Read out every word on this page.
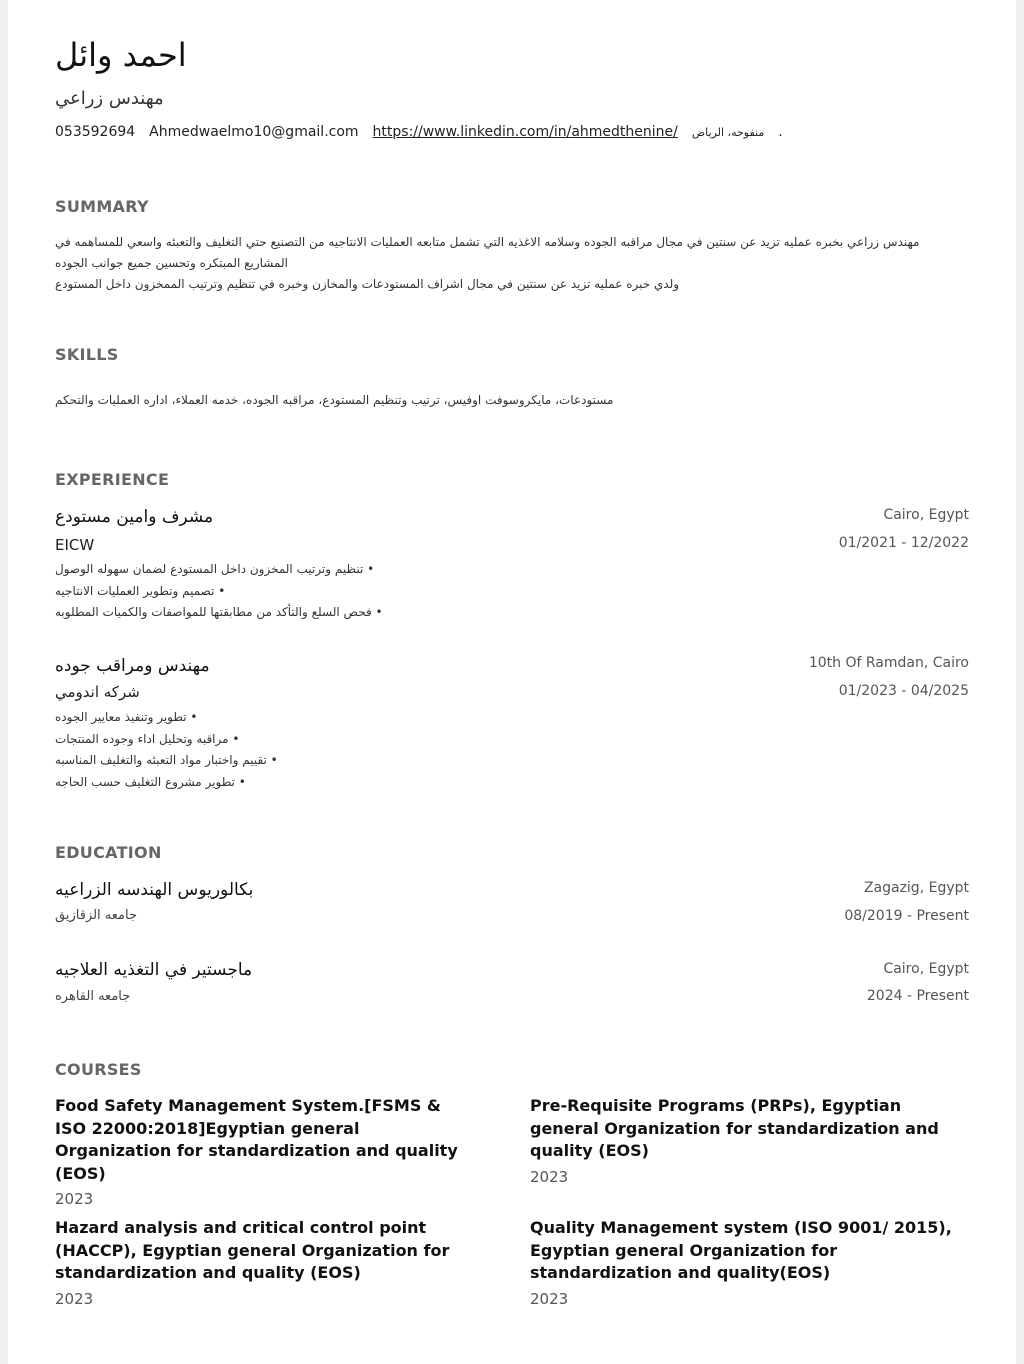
احمد وائل
مهندس زراعي
053592694 Ahmedwaelmo10@gmail.com https://www.linkedin.com/in/ahmedthenine/ منفوحه، الرياض .
SUMMARY
مهندس زراعي بخبره عمليه تزيد عن سنتين في مجال مراقبه الجوده وسلامه الاغذيه التي تشمل متابعه العمليات الانتاجيه من التصنيع حتي التغليف والتعبئه واسعي للمساهمه في المشاريع المبتكره وتحسين جميع جوانب الجوده
ولدي خبره عمليه تزيد عن سنتين في مجال اشراف المستودعات والمخازن وخبره في تنظيم وترتيب الممخزون داخل المستودع
SKILLS
مستودعات، مايكروسوفت اوفيس، ترتيب وتنظيم المستودع، مراقبه الجوده، خدمه العملاء، اداره العمليات والتحكم
EXPERIENCE
مشرف وامين مستودع
EICW
Cairo, Egypt
01/2021 - 12/2022
• تنظيم وترتيب المخزون داخل المستودع لضمان سهوله الوصول
• تصميم وتطوير العمليات الانتاجيه
• فحص السلع والتأكد من مطابقتها للمواصفات والكميات المطلوبه
مهندس ومراقب جوده
شركه اندومي
10th Of Ramdan, Cairo
01/2023 - 04/2025
• تطوير وتنفيذ معايير الجوده
• مراقبه وتحليل اداء وجوده المنتجات
• تقييم واختبار مواد التعبئه والتغليف المناسبه
• تطوير مشروع التغليف حسب الحاجه
EDUCATION
بكالوريوس الهندسه الزراعيه
جامعه الزقازيق
Zagazig, Egypt
08/2019 - Present
ماجستير في التغذيه العلاجيه
جامعه القاهره
Cairo, Egypt
2024 - Present
COURSES
Food Safety Management System.[FSMS & ISO 22000:2018]Egyptian general Organization for standardization and quality (EOS)
2023
Pre-Requisite Programs (PRPs), Egyptian general Organization for standardization and quality (EOS)
2023
Hazard analysis and critical control point (HACCP), Egyptian general Organization for standardization and quality (EOS)
2023
Quality Management system (ISO 9001/ 2015), Egyptian general Organization for standardization and quality(EOS)
2023
